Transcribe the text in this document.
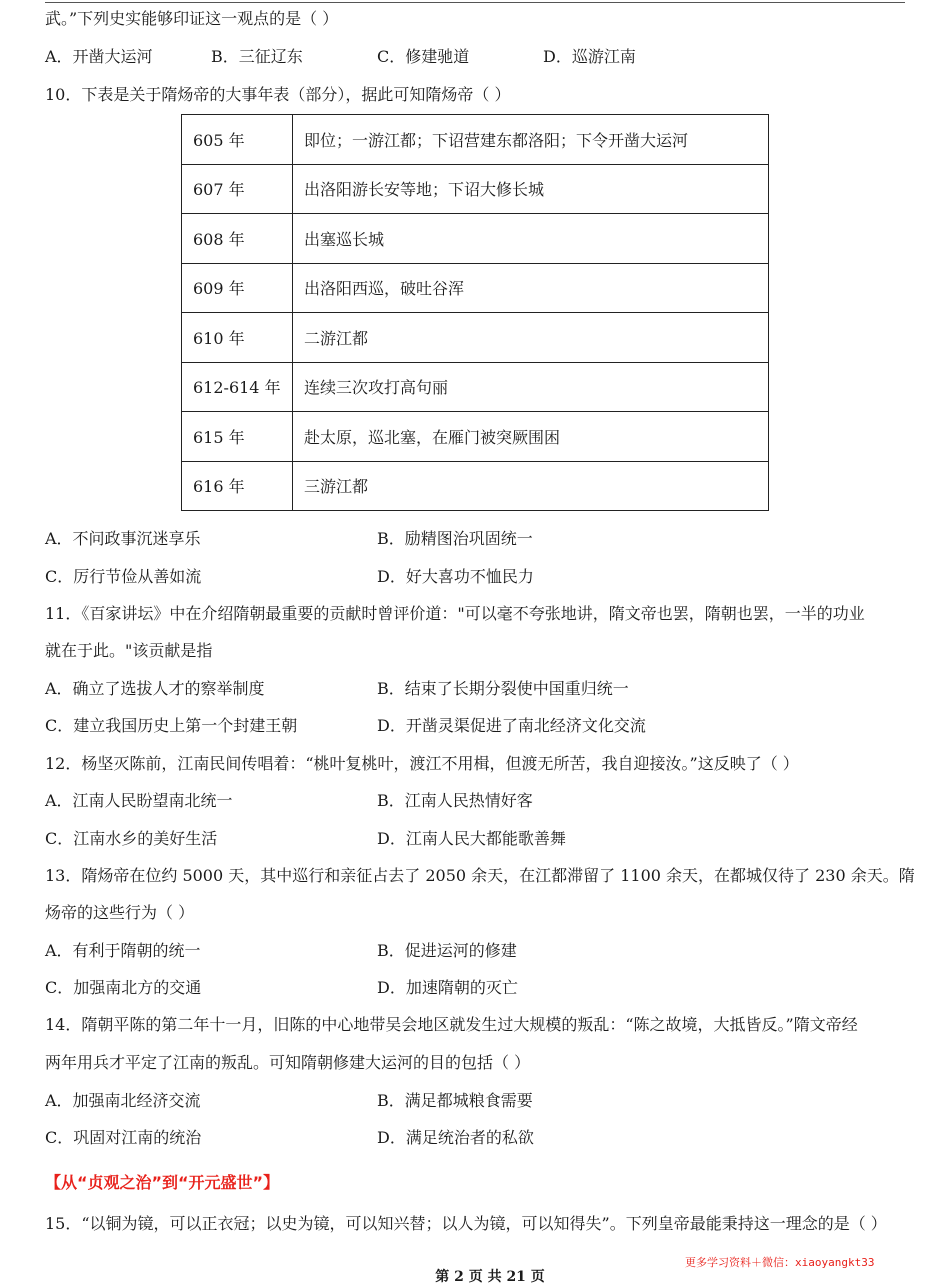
武。”下列史实能够印证这一观点的是（ ）
A．开凿大运河	B．三征辽东	C．修建驰道	D．巡游江南
10．下表是关于隋炀帝的大事年表（部分），据此可知隋炀帝（ ）
605 年	即位；一游江都；下诏营建东都洛阳；下令开凿大运河
607 年	出洛阳游长安等地；下诏大修长城
608 年	出塞巡长城
609 年	出洛阳西巡，破吐谷浑
610 年	二游江都
612-614 年	连续三次攻打高句丽
615 年	赴太原，巡北塞，在雁门被突厥围困
616 年	三游江都
A．不问政事沉迷享乐	B．励精图治巩固统一
C．厉行节俭从善如流	D．好大喜功不恤民力
11．《百家讲坛》中在介绍隋朝最重要的贡献时曾评价道："可以毫不夸张地讲，隋文帝也罢，隋朝也罢，一半的功业
就在于此。"该贡献是指
A．确立了选拔人才的察举制度	B．结束了长期分裂使中国重归统一
C．建立我国历史上第一个封建王朝	D．开凿灵渠促进了南北经济文化交流
12．杨坚灭陈前，江南民间传唱着：“桃叶复桃叶，渡江不用楫，但渡无所苦，我自迎接汝。”这反映了（ ）
A．江南人民盼望南北统一	B．江南人民热情好客
C．江南水乡的美好生活	D．江南人民大都能歌善舞
13．隋炀帝在位约 5000 天，其中巡行和亲征占去了 2050 余天，在江都滞留了 1100 余天，在都城仅待了 230 余天。隋
炀帝的这些行为（ ）
A．有利于隋朝的统一	B．促进运河的修建
C．加强南北方的交通	D．加速隋朝的灭亡
14．隋朝平陈的第二年十一月，旧陈的中心地带吴会地区就发生过大规模的叛乱：“陈之故境，大抵皆反。”隋文帝经
两年用兵才平定了江南的叛乱。可知隋朝修建大运河的目的包括（ ）
A．加强南北经济交流	B．满足都城粮食需要
C．巩固对江南的统治	D．满足统治者的私欲
【从“贞观之治”到“开元盛世”】
15．“以铜为镜，可以正衣冠；以史为镜，可以知兴替；以人为镜，可以知得失”。下列皇帝最能秉持这一理念的是（ ）
更多学习资料＋微信：xiaoyangkt33
第 2 页 共 21 页
